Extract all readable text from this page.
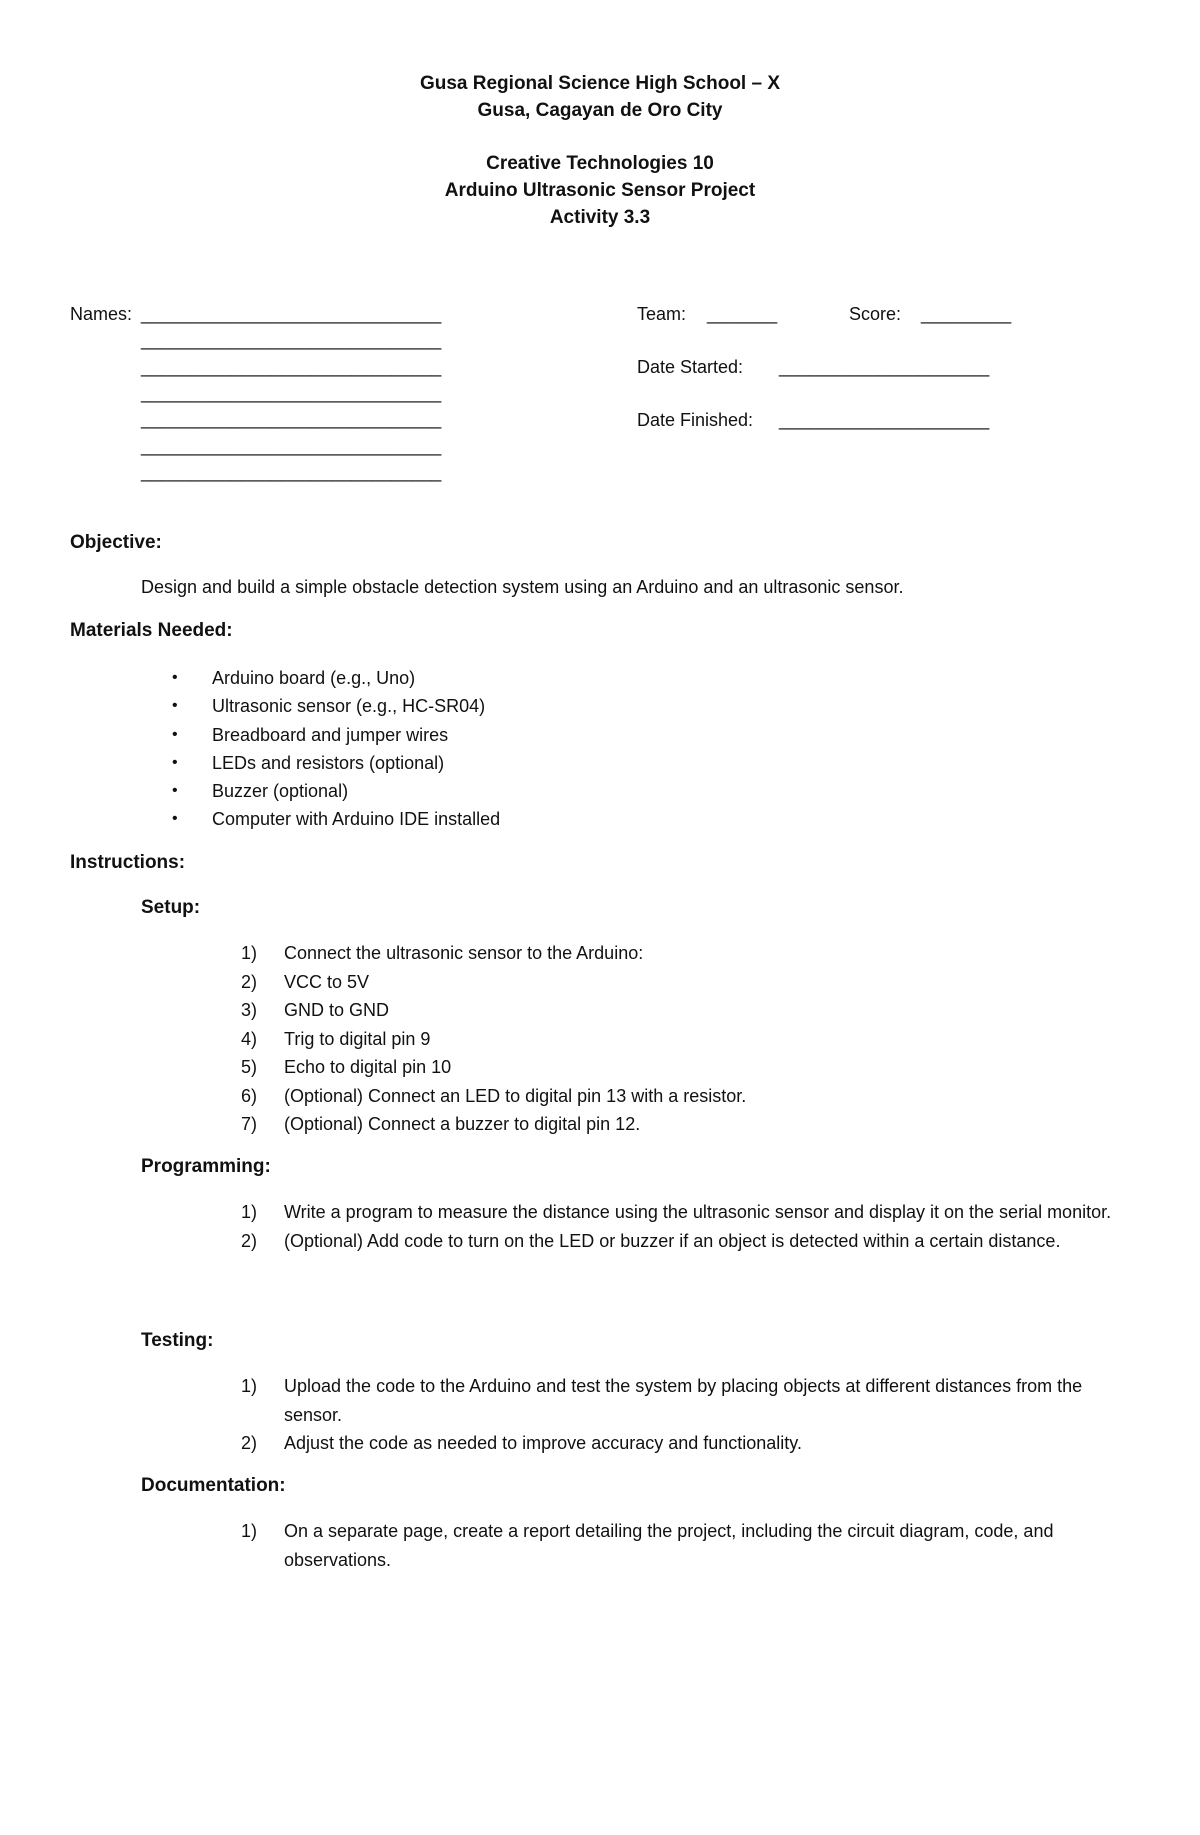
Gusa Regional Science High School – X
Gusa, Cagayan de Oro City
Creative Technologies 10
Arduino Ultrasonic Sensor Project
Activity 3.3
Names: ______________________________
______________________________
______________________________
______________________________
______________________________
______________________________
______________________________
Team: _______	Score: _________
Date Started: _____________________
Date Finished: _____________________
Objective:
Design and build a simple obstacle detection system using an Arduino and an ultrasonic sensor.
Materials Needed:
• Arduino board (e.g., Uno)
• Ultrasonic sensor (e.g., HC-SR04)
• Breadboard and jumper wires
• LEDs and resistors (optional)
• Buzzer (optional)
• Computer with Arduino IDE installed
Instructions:
Setup:
1) Connect the ultrasonic sensor to the Arduino:
2) VCC to 5V
3) GND to GND
4) Trig to digital pin 9
5) Echo to digital pin 10
6) (Optional) Connect an LED to digital pin 13 with a resistor.
7) (Optional) Connect a buzzer to digital pin 12.
Programming:
1) Write a program to measure the distance using the ultrasonic sensor and display it on the serial monitor.
2) (Optional) Add code to turn on the LED or buzzer if an object is detected within a certain distance.
Testing:
1) Upload the code to the Arduino and test the system by placing objects at different distances from the sensor.
2) Adjust the code as needed to improve accuracy and functionality.
Documentation:
1) On a separate page, create a report detailing the project, including the circuit diagram, code, and observations.
